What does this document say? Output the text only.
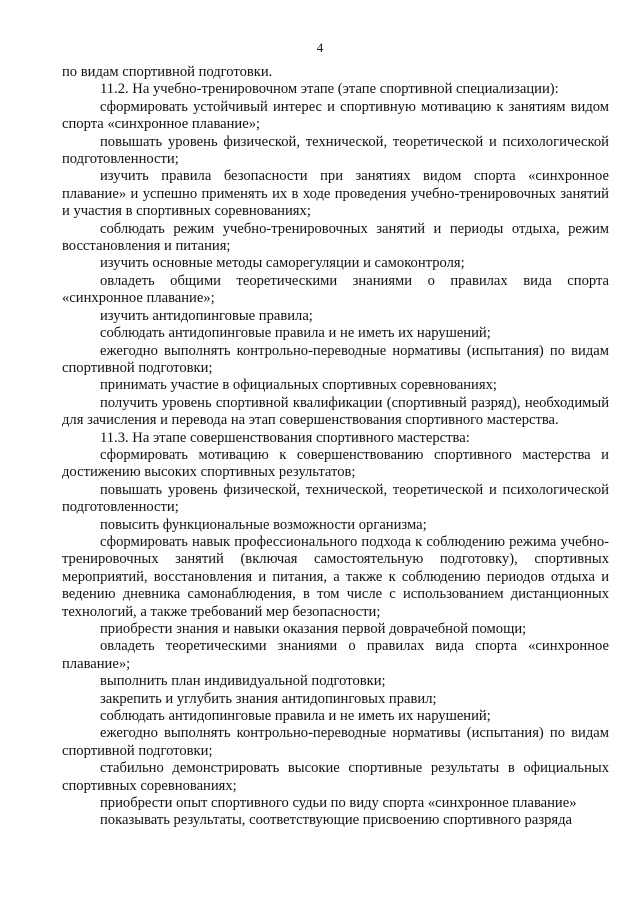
4

по видам спортивной подготовки.

11.2. На учебно-тренировочном этапе (этапе спортивной специализации):

сформировать устойчивый интерес и спортивную мотивацию к занятиям видом спорта «синхронное плавание»;

повышать уровень физической, технической, теоретической и психологической подготовленности;

изучить правила безопасности при занятиях видом спорта «синхронное плавание» и успешно применять их в ходе проведения учебно-тренировочных занятий и участия в спортивных соревнованиях;

соблюдать режим учебно-тренировочных занятий и периоды отдыха, режим восстановления и питания;

изучить основные методы саморегуляции и самоконтроля;

овладеть общими теоретическими знаниями о правилах вида спорта «синхронное плавание»;

изучить антидопинговые правила;

соблюдать антидопинговые правила и не иметь их нарушений;

ежегодно выполнять контрольно-переводные нормативы (испытания) по видам спортивной подготовки;

принимать участие в официальных спортивных соревнованиях;

получить уровень спортивной квалификации (спортивный разряд), необходимый для зачисления и перевода на этап совершенствования спортивного мастерства.

11.3. На этапе совершенствования спортивного мастерства:

сформировать мотивацию к совершенствованию спортивного мастерства и достижению высоких спортивных результатов;

повышать уровень физической, технической, теоретической и психологической подготовленности;

повысить функциональные возможности организма;

сформировать навык профессионального подхода к соблюдению режима учебно-тренировочных занятий (включая самостоятельную подготовку), спортивных мероприятий, восстановления и питания, а также к соблюдению периодов отдыха и ведению дневника самонаблюдения, в том числе с использованием дистанционных технологий, а также требований мер безопасности;

приобрести знания и навыки оказания первой доврачебной помощи;

овладеть теоретическими знаниями о правилах вида спорта «синхронное плавание»;

выполнить план индивидуальной подготовки;

закрепить и углубить знания антидопинговых правил;

соблюдать антидопинговые правила и не иметь их нарушений;

ежегодно выполнять контрольно-переводные нормативы (испытания) по видам спортивной подготовки;

стабильно демонстрировать высокие спортивные результаты в официальных спортивных соревнованиях;

приобрести опыт спортивного судьи по виду спорта «синхронное плавание»

показывать результаты, соответствующие присвоению спортивного разряда
